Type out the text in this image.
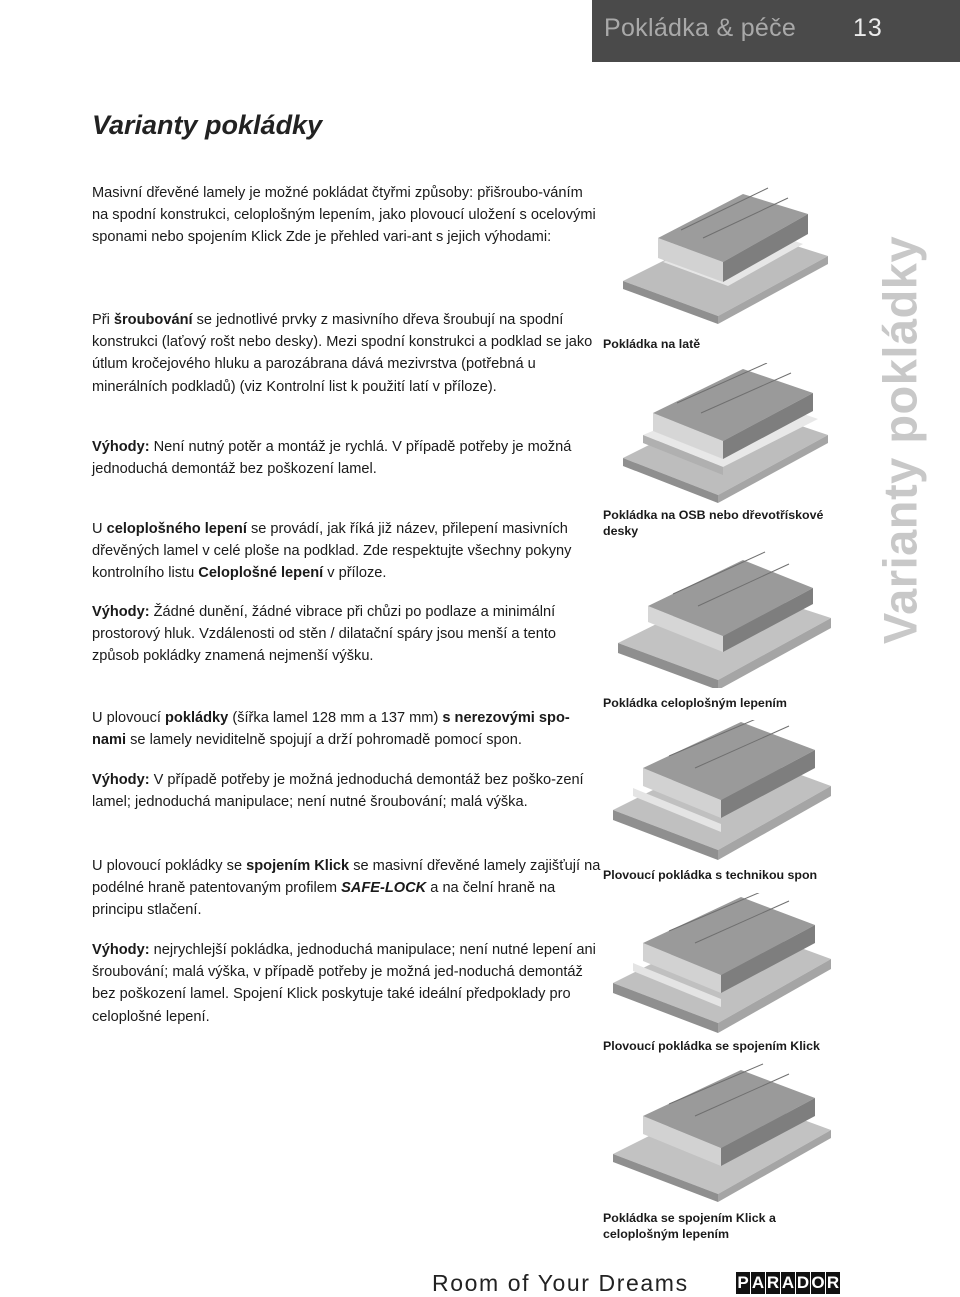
Pokládka & péče 13
Varianty pokládky

Masivní dřevěné lamely je možné pokládat čtyřmi způsoby: přišroubo-váním na spodní konstrukci, celoplošným lepením, jako plovoucí uložení s ocelovými sponami nebo spojením Klick Zde je přehled vari-ant s jejich výhodami:

Při šroubování se jednotlivé prvky z masivního dřeva šroubují na spodní konstrukci (laťový rošt nebo desky). Mezi spodní konstrukci a podklad se jako útlum kročejového hluku a parozábrana dává mezivrstva (potřebná u minerálních podkladů) (viz Kontrolní list k použití latí v příloze).

Výhody: Není nutný potěr a montáž je rychlá. V případě potřeby je možná jednoduchá demontáž bez poškození lamel.

U celoplošného lepení se provádí, jak říká již název, přilepení masivních dřevěných lamel v celé ploše na podklad. Zde respektujte všechny pokyny kontrolního listu Celoplošné lepení v příloze.

Výhody: Žádné dunění, žádné vibrace při chůzi po podlaze a minimální prostorový hluk. Vzdálenosti od stěn / dilatační spáry jsou menší a tento způsob pokládky znamená nejmenší výšku.

U plovoucí pokládky (šířka lamel 128 mm a 137 mm) s nerezovými spo-nami se lamely neviditelně spojují a drží pohromadě pomocí spon.

Výhody: V případě potřeby je možná jednoduchá demontáž bez poško-zení lamel; jednoduchá manipulace; není nutné šroubování; malá výška.

U plovoucí pokládky se spojením Klick se masivní dřevěné lamely zajišťují na podélné hraně patentovaným profilem SAFE-LOCK a na čelní hraně na principu stlačení.

Výhody: nejrychlejší pokládka, jednoduchá manipulace; není nutné lepení ani šroubování; malá výška, v případě potřeby je možná jed-noduchá demontáž bez poškození lamel. Spojení Klick poskytuje také ideální předpoklady pro celoplošné lepení.

Pokládka na latě
Pokládka na OSB nebo dřevotřískové desky
Pokládka celoplošným lepením
Plovoucí pokládka s technikou spon
Plovoucí pokládka se spojením Klick
Pokládka se spojením Klick a celoplošným lepením
Varianty pokládky
Room of Your Dreams	P A R A D O R
